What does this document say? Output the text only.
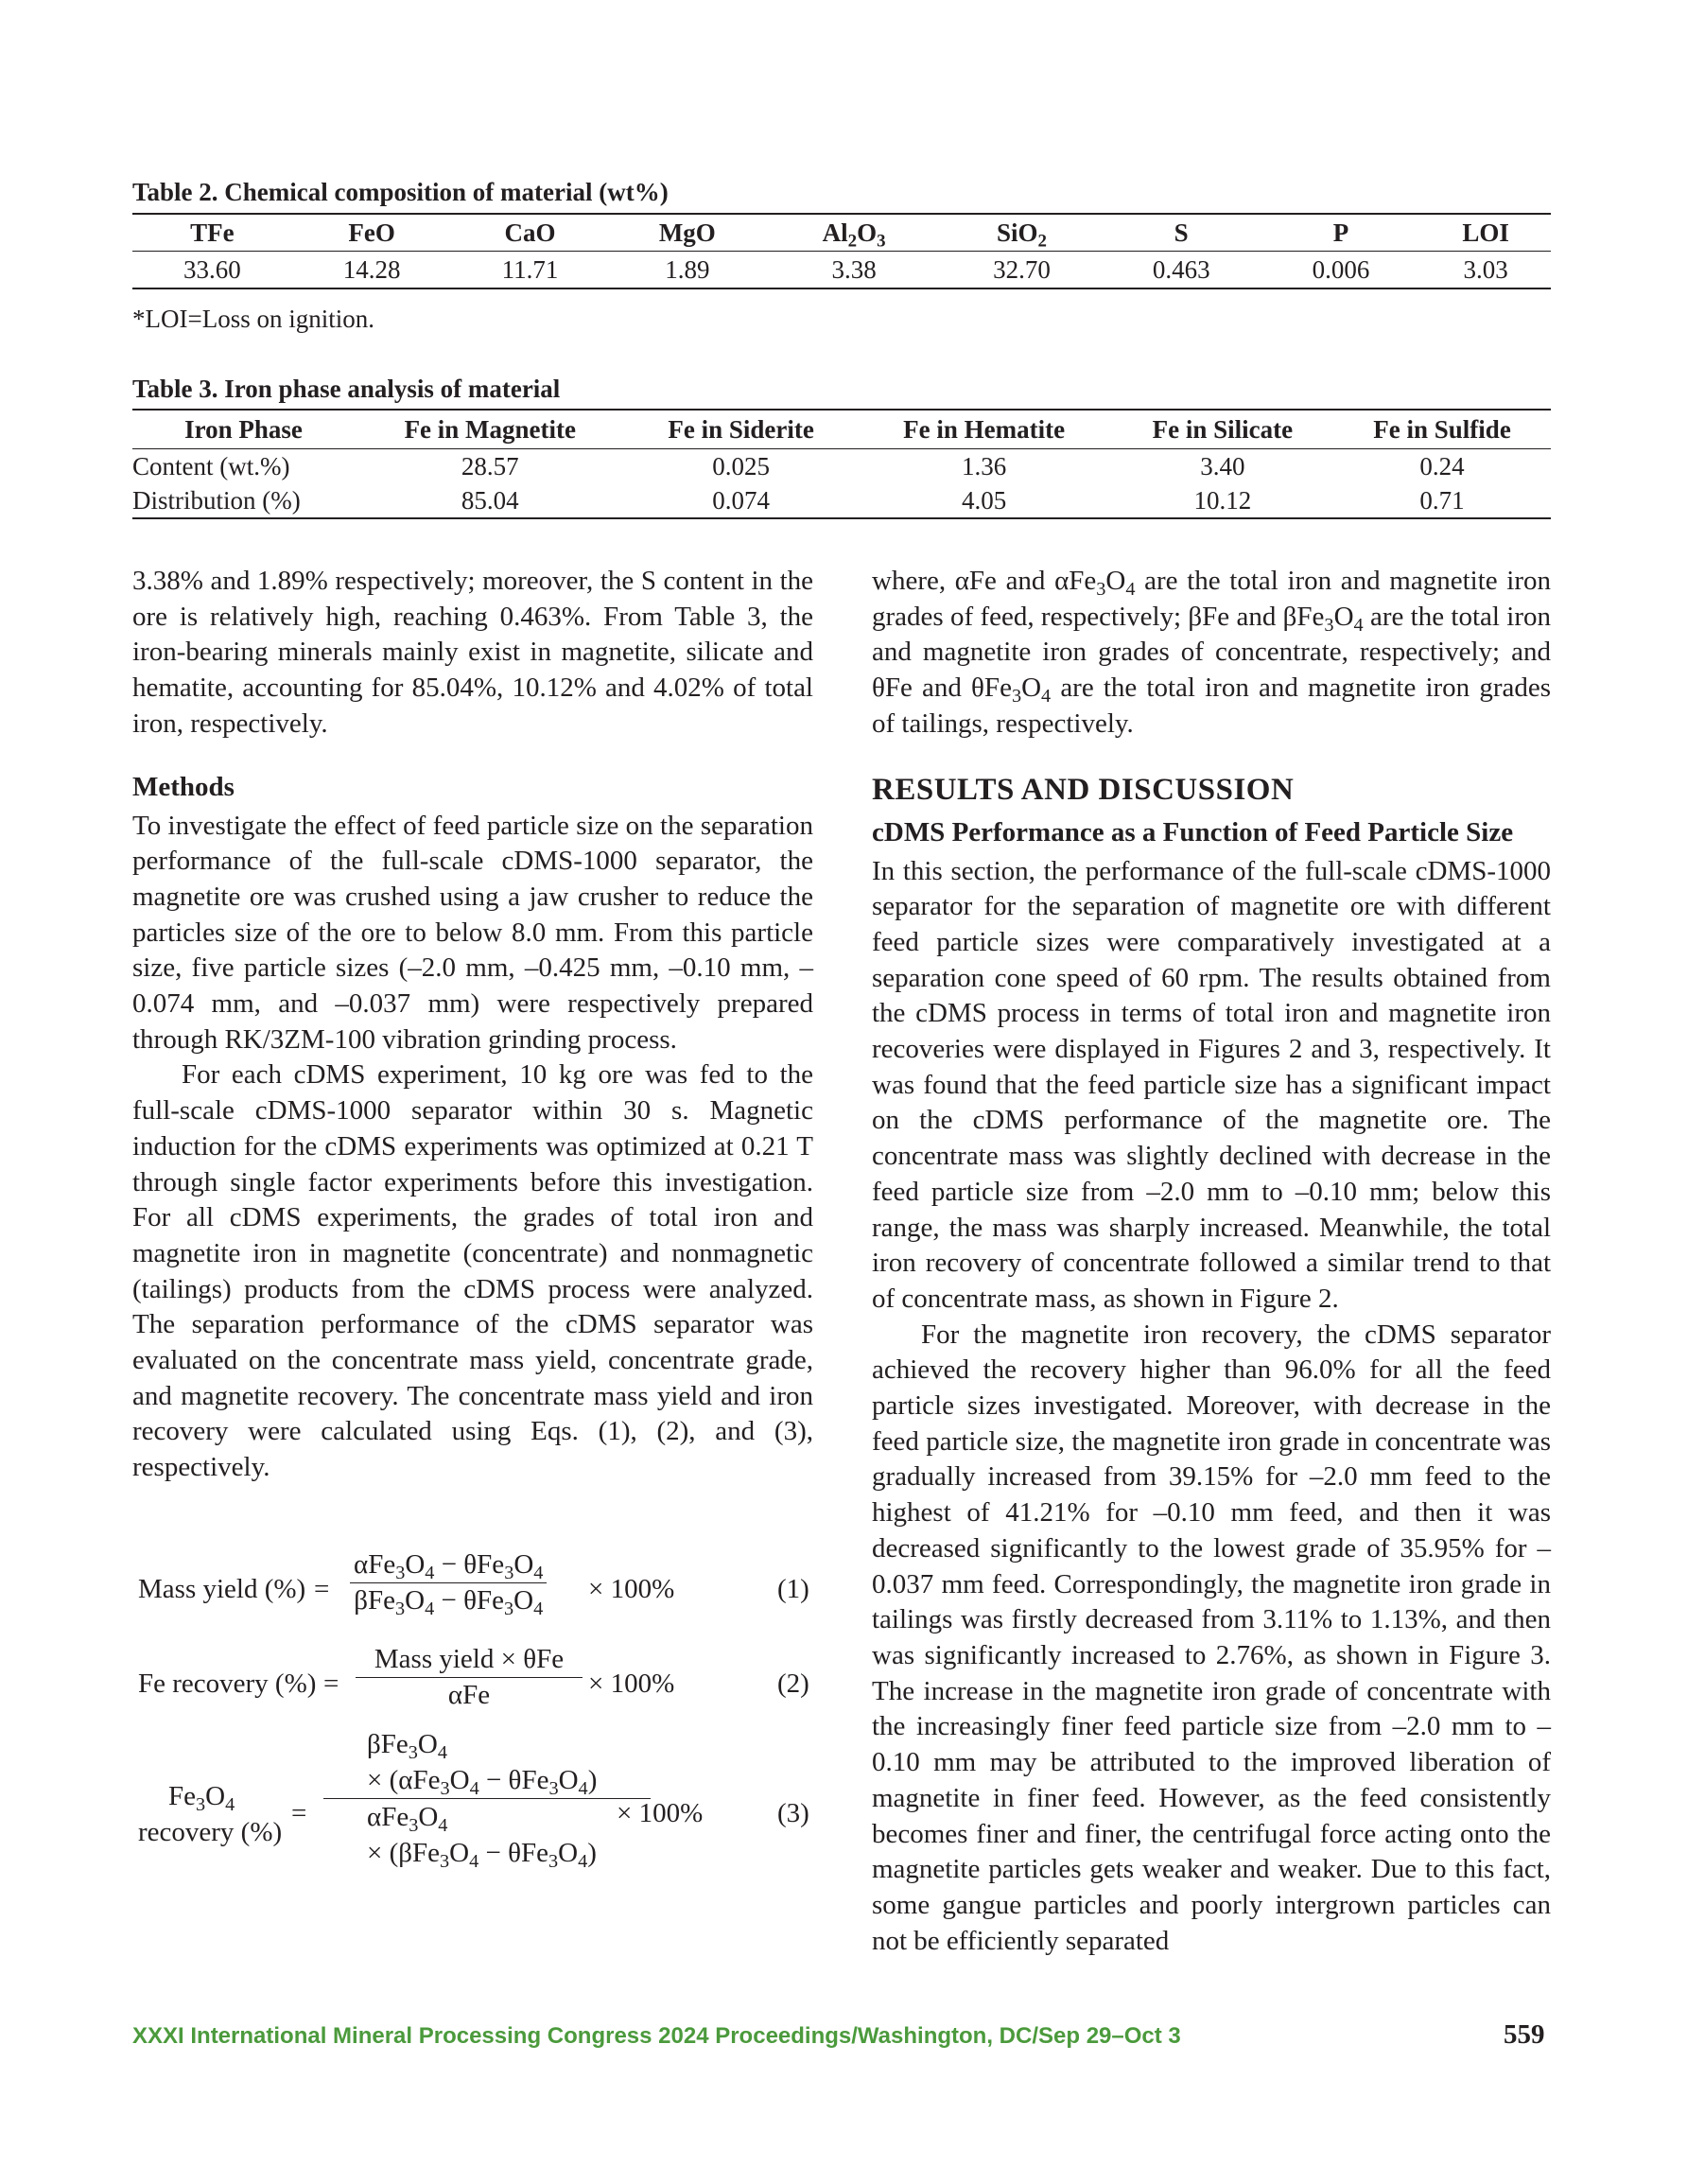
Table 2. Chemical composition of material (wt%)
TFe	FeO	CaO	MgO	$Al_2O_3$	SiO$_2$	S	P	LOI
33.60	14.28	11.71	1.89	3.38	32.70	0.463	0.006	3.03
*LOI=Loss on ignition.
Table 3. Iron phase analysis of material
Iron Phase	Fe in Magnetite	Fe in Siderite	Fe in Hematite	Fe in Silicate	Fe in Sulfide
Content (wt.%)	28.57	0.025	1.36	3.40	0.24
Distribution (%)	85.04	0.074	4.05	10.12	0.71

3.38% and 1.89% respectively; moreover, the S content in the ore is relatively high, reaching 0.463%. From Table 3, the iron-bearing minerals mainly exist in magnetite, silicate and hematite, accounting for 85.04%, 10.12% and 4.02% of total iron, respectively.

Methods

To investigate the effect of feed particle size on the separation performance of the full-scale cDMS-1000 separator, the magnetite ore was crushed using a jaw crusher to reduce the particles size of the ore to below 8.0 mm. From this particle size, five particle sizes (–2.0 mm, –0.425 mm, –0.10 mm, –0.074 mm, and –0.037 mm) were respectively prepared through RK/3ZM-100 vibration grinding process.

For each cDMS experiment, 10 kg ore was fed to the full-scale cDMS-1000 separator within 30 s. Magnetic induction for the cDMS experiments was optimized at 0.21 T through single factor experiments before this investigation. For all cDMS experiments, the grades of total iron and magnetite iron in magnetite (concentrate) and nonmagnetic (tailings) products from the cDMS process were analyzed. The separation performance of the cDMS separator was evaluated on the concentrate mass yield, concentrate grade, and magnetite recovery. The concentrate mass yield and iron recovery were calculated using Eqs. (1), (2), and (3), respectively.

Mass yield (%) =
$\alpha Fe_3O_4 - \theta Fe_3O_4$
$\beta Fe_3O_4 - \theta Fe_3O_4$
× 100%	(1)
Fe recovery (%) =
Mass yield × θFe
αFe	× 100%	(2)
$Fe_3O_4$
recovery (%)
=
$\beta Fe_3O_4$
× $(\alpha Fe_3O_4 - \theta Fe_3O_4)$
$\alpha Fe_3O_4$
× $(\beta Fe_3O_4 - \theta Fe_3O_4)$
× 100%	(3)

where, αFe and $\alpha Fe_3O_4$ are the total iron and magnetite iron grades of feed, respectively; βFe and $\beta Fe_3O_4$ are the total iron and magnetite iron grades of concentrate, respectively; and θFe and $\theta Fe_3O_4$ are the total iron and magnetite iron grades of tailings, respectively.

RESULTS AND DISCUSSION
cDMS Performance as a Function of Feed Particle Size

In this section, the performance of the full-scale cDMS-1000 separator for the separation of magnetite ore with different feed particle sizes were comparatively investigated at a separation cone speed of 60 rpm. The results obtained from the cDMS process in terms of total iron and magnetite iron recoveries were displayed in Figures 2 and 3, respectively. It was found that the feed particle size has a significant impact on the cDMS performance of the magnetite ore. The concentrate mass was slightly declined with decrease in the feed particle size from –2.0 mm to –0.10 mm; below this range, the mass was sharply increased. Meanwhile, the total iron recovery of concentrate followed a similar trend to that of concentrate mass, as shown in Figure 2.

For the magnetite iron recovery, the cDMS separator achieved the recovery higher than 96.0% for all the feed particle sizes investigated. Moreover, with decrease in the feed particle size, the magnetite iron grade in concentrate was gradually increased from 39.15% for –2.0 mm feed to the highest of 41.21% for –0.10 mm feed, and then it was decreased significantly to the lowest grade of 35.95% for –0.037 mm feed. Correspondingly, the magnetite iron grade in tailings was firstly decreased from 3.11% to 1.13%, and then was significantly increased to 2.76%, as shown in Figure 3. The increase in the magnetite iron grade of concentrate with the increasingly finer feed particle size from –2.0 mm to –0.10 mm may be attributed to the improved liberation of magnetite in finer feed. However, as the feed consistently becomes finer and finer, the centrifugal force acting onto the magnetite particles gets weaker and weaker. Due to this fact, some gangue particles and poorly intergrown particles can not be efficiently separated

XXXI International Mineral Processing Congress 2024 Proceedings/Washington, DC/Sep 29–Oct 3	559
